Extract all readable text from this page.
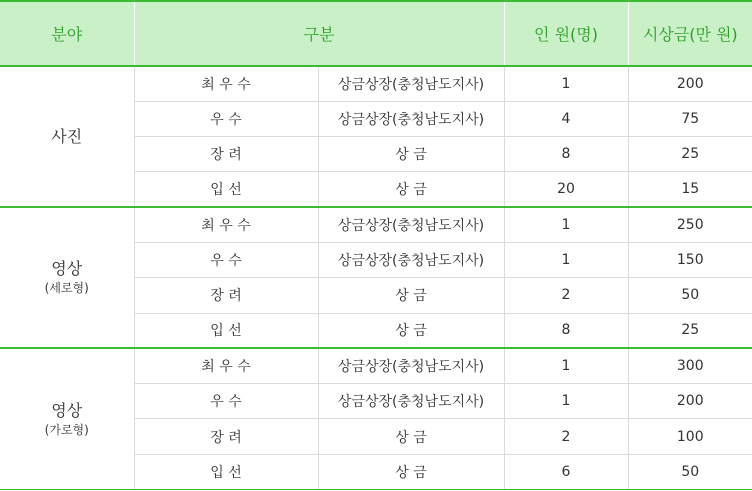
분야	구분		인 원(명)	시상금(만 원)
사진	최 우 수	상금상장(충청남도지사)	1	200
	우 수	상금상장(충청남도지사)	4	75
	장 려	상 금	8	25
	입 선	상 금	20	15
영상
(세로형)	최 우 수	상금상장(충청남도지사)	1	250
	우 수	상금상장(충청남도지사)	1	150
	장 려	상 금	2	50
	입 선	상 금	8	25
영상
(가로형)	최 우 수	상금상장(충청남도지사)	1	300
	우 수	상금상장(충청남도지사)	1	200
	장 려	상 금	2	100
	입 선	상 금	6	50
